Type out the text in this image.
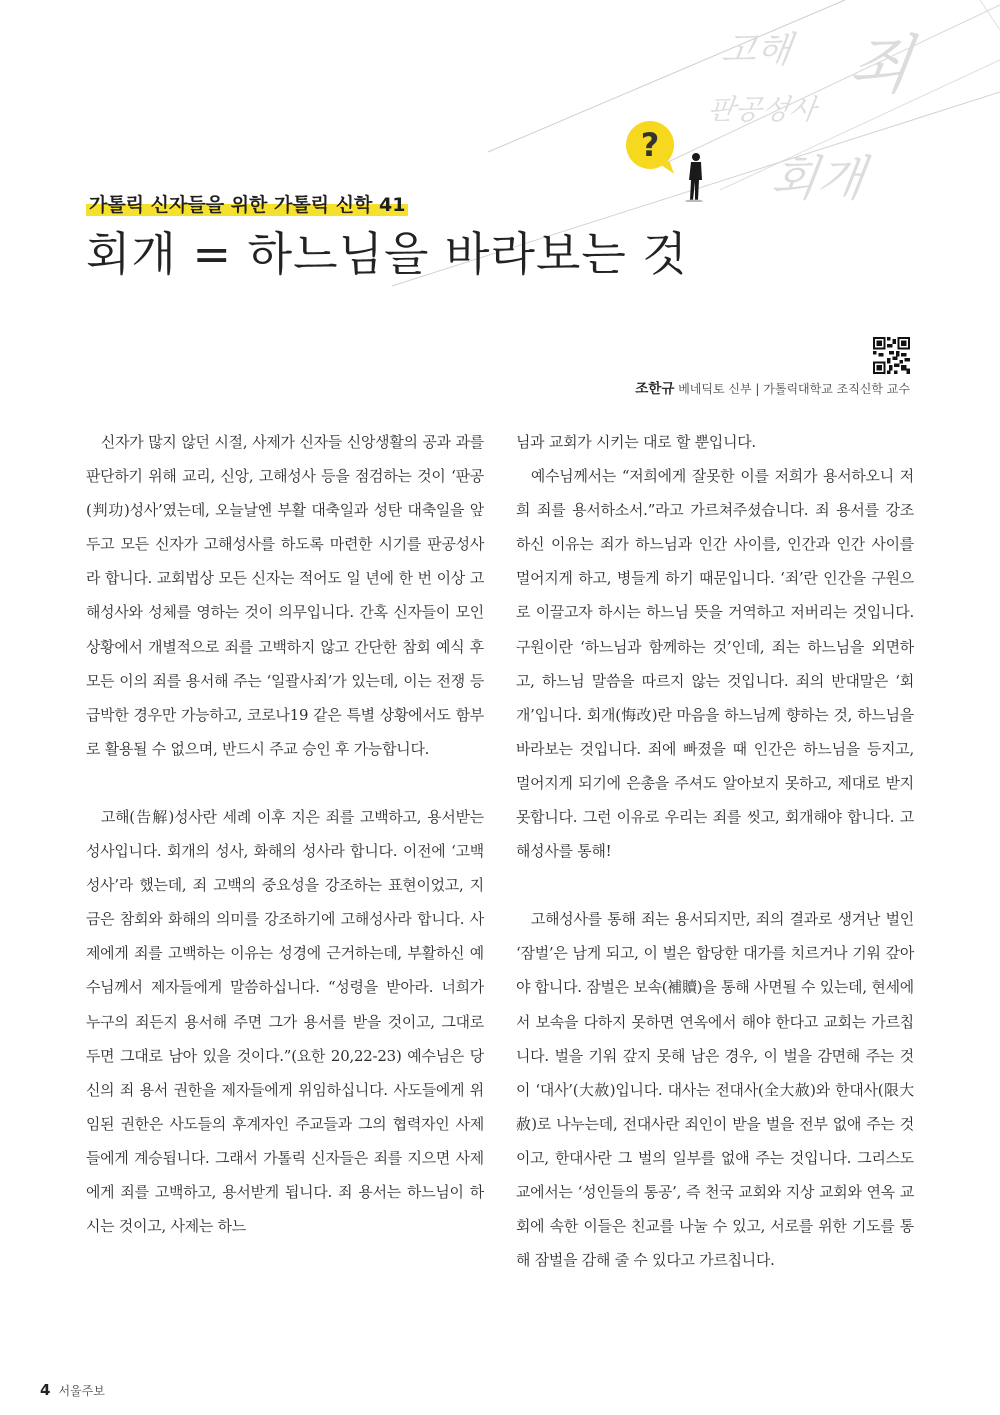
고해 죄
판공성사
회개
?
가톨릭 신자들을 위한 가톨릭 신학 41
회개 = 하느님을 바라보는 것
조한규 베네딕토 신부 | 가톨릭대학교 조직신학 교수

신자가 많지 않던 시절, 사제가 신자들 신앙생활의 공과 과를 판단하기 위해 교리, 신앙, 고해성사 등을 점검하는 것이 ‘판공(判功)성사’였는데, 오늘날엔 부활 대축일과 성탄 대축일을 앞두고 모든 신자가 고해성사를 하도록 마련한 시기를 판공성사라 합니다. 교회법상 모든 신자는 적어도 일 년에 한 번 이상 고해성사와 성체를 영하는 것이 의무입니다. 간혹 신자들이 모인 상황에서 개별적으로 죄를 고백하지 않고 간단한 참회 예식 후 모든 이의 죄를 용서해 주는 ‘일괄사죄’가 있는데, 이는 전쟁 등 급박한 경우만 가능하고, 코로나19 같은 특별 상황에서도 함부로 활용될 수 없으며, 반드시 주교 승인 후 가능합니다.

고해(告解)성사란 세례 이후 지은 죄를 고백하고, 용서받는 성사입니다. 회개의 성사, 화해의 성사라 합니다. 이전에 ‘고백성사’라 했는데, 죄 고백의 중요성을 강조하는 표현이었고, 지금은 참회와 화해의 의미를 강조하기에 고해성사라 합니다. 사제에게 죄를 고백하는 이유는 성경에 근거하는데, 부활하신 예수님께서 제자들에게 말씀하십니다. “성령을 받아라. 너희가 누구의 죄든지 용서해 주면 그가 용서를 받을 것이고, 그대로 두면 그대로 남아 있을 것이다.”(요한 20,22-23) 예수님은 당신의 죄 용서 권한을 제자들에게 위임하십니다. 사도들에게 위임된 권한은 사도들의 후계자인 주교들과 그의 협력자인 사제들에게 계승됩니다. 그래서 가톨릭 신자들은 죄를 지으면 사제에게 죄를 고백하고, 용서받게 됩니다. 죄 용서는 하느님이 하시는 것이고, 사제는 하느

님과 교회가 시키는 대로 할 뿐입니다.

예수님께서는 “저희에게 잘못한 이를 저희가 용서하오니 저희 죄를 용서하소서.”라고 가르쳐주셨습니다. 죄 용서를 강조하신 이유는 죄가 하느님과 인간 사이를, 인간과 인간 사이를 멀어지게 하고, 병들게 하기 때문입니다. ‘죄’란 인간을 구원으로 이끌고자 하시는 하느님 뜻을 거역하고 저버리는 것입니다. 구원이란 ‘하느님과 함께하는 것’인데, 죄는 하느님을 외면하고, 하느님 말씀을 따르지 않는 것입니다. 죄의 반대말은 ‘회개’입니다. 회개(悔改)란 마음을 하느님께 향하는 것, 하느님을 바라보는 것입니다. 죄에 빠졌을 때 인간은 하느님을 등지고, 멀어지게 되기에 은총을 주셔도 알아보지 못하고, 제대로 받지 못합니다. 그런 이유로 우리는 죄를 씻고, 회개해야 합니다. 고해성사를 통해!

고해성사를 통해 죄는 용서되지만, 죄의 결과로 생겨난 벌인 ‘잠벌’은 남게 되고, 이 벌은 합당한 대가를 치르거나 기워 갚아야 합니다. 잠벌은 보속(補贖)을 통해 사면될 수 있는데, 현세에서 보속을 다하지 못하면 연옥에서 해야 한다고 교회는 가르칩니다. 벌을 기워 갚지 못해 남은 경우, 이 벌을 감면해 주는 것이 ‘대사’(大赦)입니다. 대사는 전대사(全大赦)와 한대사(限大赦)로 나누는데, 전대사란 죄인이 받을 벌을 전부 없애 주는 것이고, 한대사란 그 벌의 일부를 없애 주는 것입니다. 그리스도교에서는 ‘성인들의 통공’, 즉 천국 교회와 지상 교회와 연옥 교회에 속한 이들은 친교를 나눌 수 있고, 서로를 위한 기도를 통해 잠벌을 감해 줄 수 있다고 가르칩니다.

4 서울주보
